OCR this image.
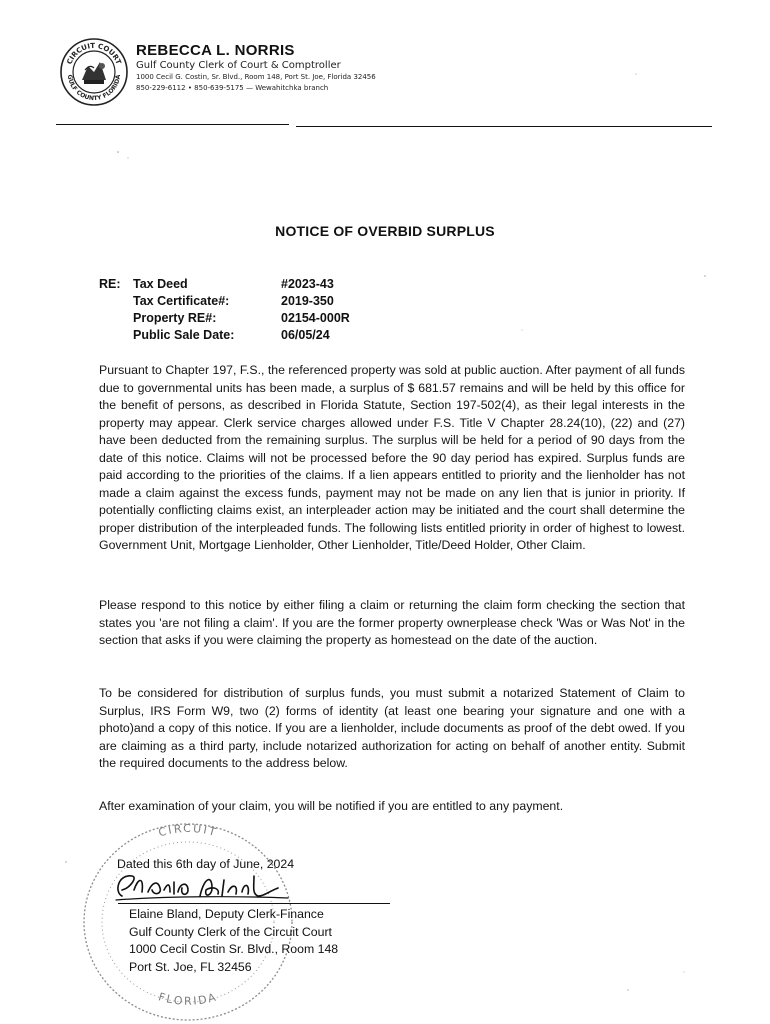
CIRCUIT COURT
GULF COUNTY FLORIDA
REBECCA L. NORRIS
Gulf County Clerk of Court & Comptroller
1000 Cecil G. Costin, Sr. Blvd., Room 148, Port St. Joe, Florida 32456
850-229-6112 • 850-639-5175 — Wewahitchka branch
NOTICE OF OVERBID SURPLUS
RE: Tax Deed	#2023-43
Tax Certificate#:	2019-350
Property RE#:	02154-000R
Public Sale Date:	06/05/24

Pursuant to Chapter 197, F.S., the referenced property was sold at public auction. After payment of all funds due to governmental units has been made, a surplus of $ 681.57 remains and will be held by this office for the benefit of persons, as described in Florida Statute, Section 197-502(4), as their legal interests in the property may appear. Clerk service charges allowed under F.S. Title V Chapter 28.24(10), (22) and (27) have been deducted from the remaining surplus. The surplus will be held for a period of 90 days from the date of this notice. Claims will not be processed before the 90 day period has expired. Surplus funds are paid according to the priorities of the claims. If a lien appears entitled to priority and the lienholder has not made a claim against the excess funds, payment may not be made on any lien that is junior in priority. If potentially conflicting claims exist, an interpleader action may be initiated and the court shall determine the proper distribution of the interpleaded funds. The following lists entitled priority in order of highest to lowest. Government Unit, Mortgage Lienholder, Other Lienholder, Title/Deed Holder, Other Claim.

Please respond to this notice by either filing a claim or returning the claim form checking the section that states you 'are not filing a claim'. If you are the former property ownerplease check 'Was or Was Not' in the section that asks if you were claiming the property as homestead on the date of the auction.

To be considered for distribution of surplus funds, you must submit a notarized Statement of Claim to Surplus, IRS Form W9, two (2) forms of identity (at least one bearing your signature and one with a photo)and a copy of this notice. If you are a lienholder, include documents as proof of the debt owed. If you are claiming as a third party, include notarized authorization for acting on behalf of another entity. Submit the required documents to the address below.

After examination of your claim, you will be notified if you are entitled to any payment.

CIRCUIT
FLORIDA
Dated this 6th day of June, 2024
Elaine Bland, Deputy Clerk-Finance
Gulf County Clerk of the Circuit Court
1000 Cecil Costin Sr. Blvd., Room 148
Port St. Joe, FL 32456
